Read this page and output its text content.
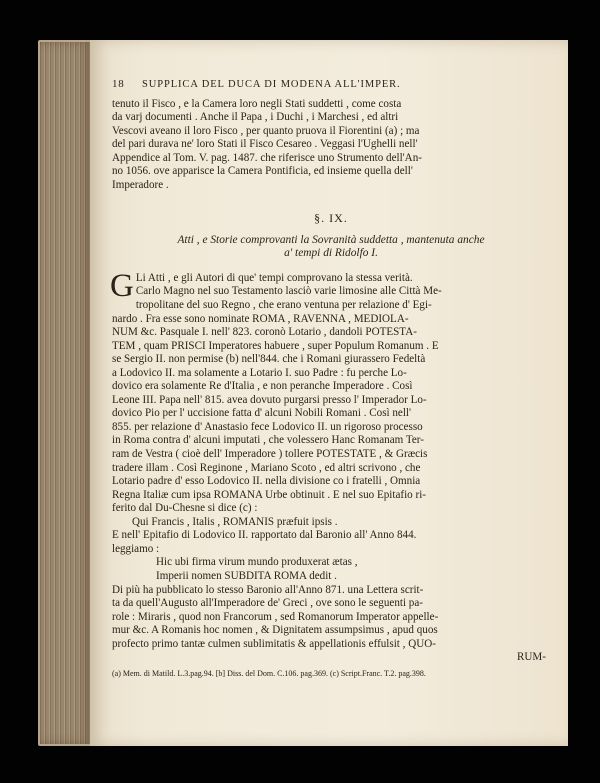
18	SUPPLICA DEL DUCA DI MODENA ALL'IMPER.
tenuto il Fisco , e la Camera loro negli Stati suddetti , come costa
da varj documenti . Anche il Papa , i Duchi , i Marchesi , ed altri
Vescovi aveano il loro Fisco , per quanto pruova il Fiorentini (a) ; ma
del pari durava ne' loro Stati il Fisco Cesareo . Veggasi l'Ughelli nell'
Appendice al Tom. V. pag. 1487. che riferisce uno Strumento dell'An-
no 1056. ove apparisce la Camera Pontificia, ed insieme quella dell'
Imperadore .
§. IX.
Atti , e Storie comprovanti la Sovranità suddetta , mantenuta anche
a' tempi di Ridolfo I.
G Li Atti , e gli Autori di que' tempi comprovano la stessa verità.
Carlo Magno nel suo Testamento lasciò varie limosine alle Città Me-
tropolitane del suo Regno , che erano ventuna per relazione d' Egi-
nardo . Fra esse sono nominate ROMA , RAVENNA , MEDIOLA-
NUM &c. Pasquale I. nell' 823. coronò Lotario , dandoli POTESTA-
TEM , quam PRISCI Imperatores habuere , super Populum Romanum . E
se Sergio II. non permise (b) nell'844. che i Romani giurassero Fedeltà
a Lodovico II. ma solamente a Lotario I. suo Padre : fu perche Lo-
dovico era solamente Re d'Italia , e non peranche Imperadore . Così
Leone III. Papa nell' 815. avea dovuto purgarsi presso l' Imperador Lo-
dovico Pio per l' uccisione fatta d' alcuni Nobili Romani . Così nell'
855. per relazione d' Anastasio fece Lodovico II. un rigoroso processo
in Roma contra d' alcuni imputati , che volessero Hanc Romanam Ter-
ram de Vestra ( cioè dell' Imperadore ) tollere POTESTATE , & Græcis
tradere illam . Così Reginone , Mariano Scoto , ed altri scrivono , che
Lotario padre d' esso Lodovico II. nella divisione co i fratelli , Omnia
Regna Italiæ cum ipsa ROMANA Urbe obtinuit . E nel suo Epitafio ri-
ferito dal Du-Chesne si dice (c) :
Qui Francis , Italis , ROMANIS præfuit ipsis .
E nell' Epitafio di Lodovico II. rapportato dal Baronio all' Anno 844.
leggiamo :
Hic ubi firma virum mundo produxerat ætas ,
Imperii nomen SUBDITA ROMA dedit .
Di più ha pubblicato lo stesso Baronio all'Anno 871. una Lettera scrit-
ta da quell'Augusto all'Imperadore de' Greci , ove sono le seguenti pa-
role : Miraris , quod non Francorum , sed Romanorum Imperator appelle-
mur &c. A Romanis hoc nomen , & Dignitatem assumpsimus , apud quos
profecto primo tantæ culmen sublimitatis & appellationis effulsit , QUO-
RUM-
(a) Mem. di Matild. L.3.pag.94. [b] Diss. del Dom. C.106. pag.369. (c) Script.Franc. T.2. pag.398.
